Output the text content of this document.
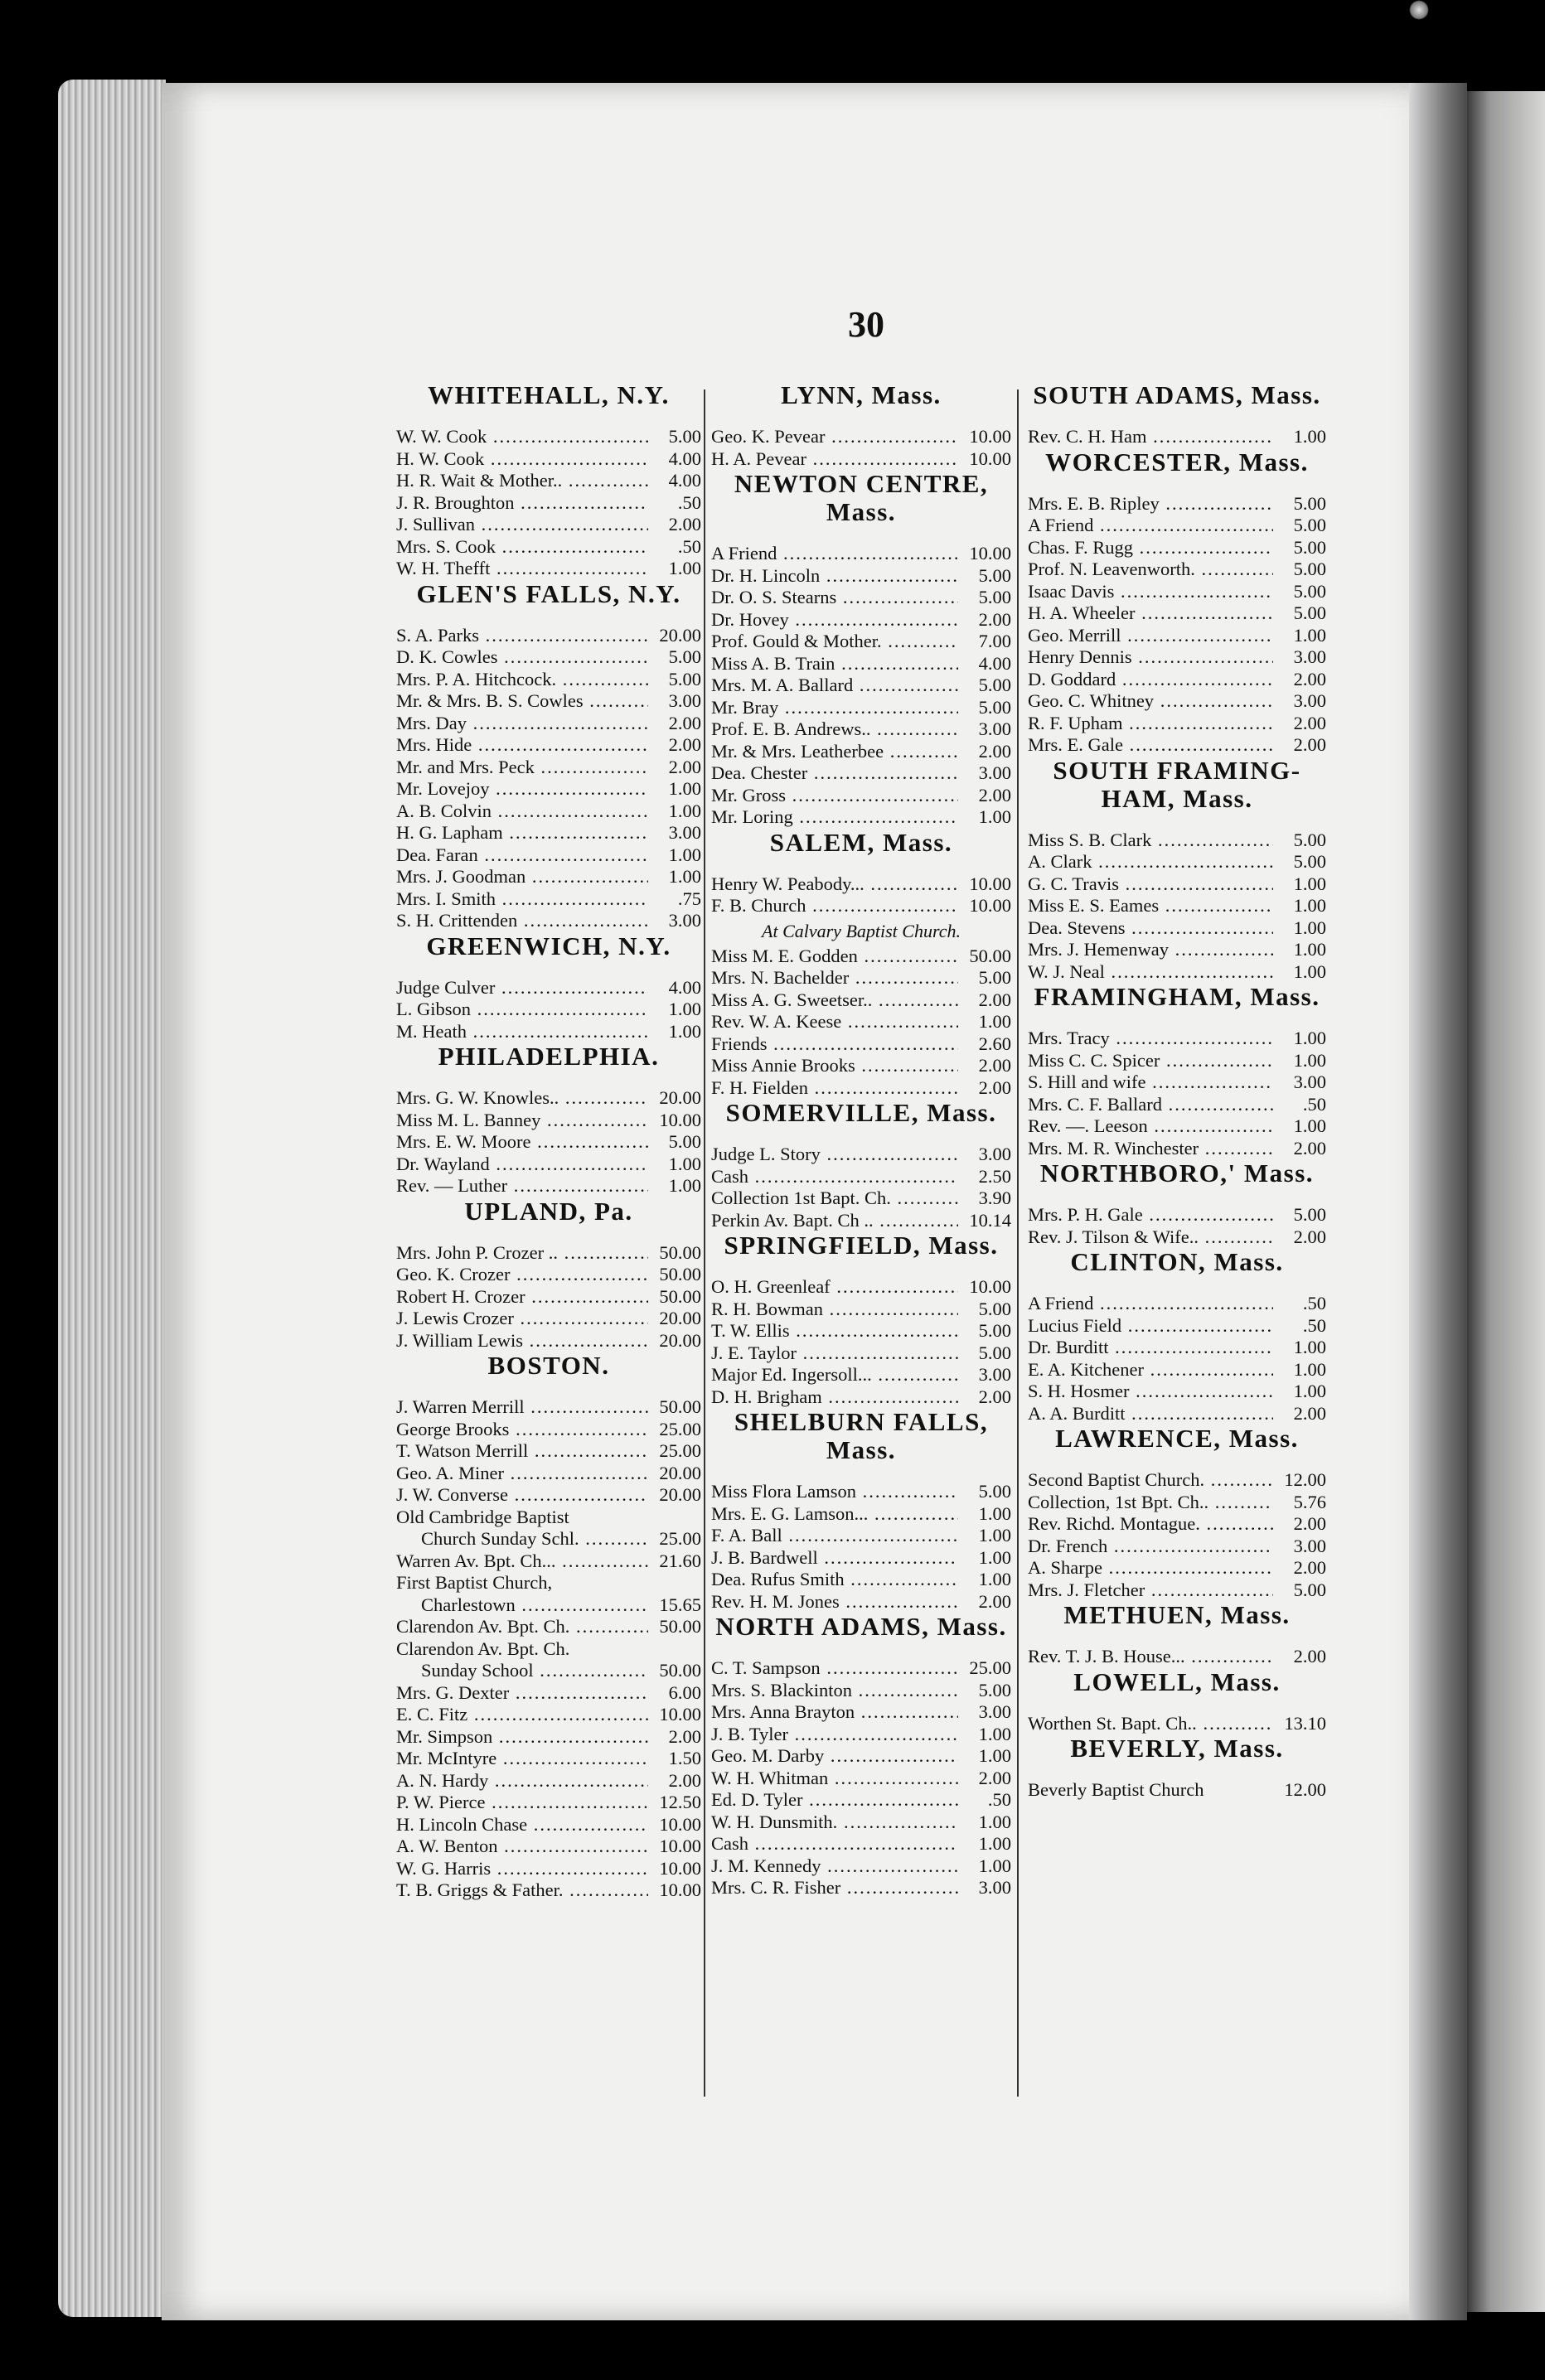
30
WHITEHALL, N.Y.
W. W. Cook .....	5.00
H. W. Cook .....	4.00
H. R. Wait & Mother.. .....	4.00
J. R. Broughton .....	.50
J. Sullivan .....	2.00
Mrs. S. Cook .....	.50
W. H. Thefft .....	1.00
GLEN'S FALLS, N.Y.
S. A. Parks .....	20.00
D. K. Cowles .....	5.00
Mrs. P. A. Hitchcock. .....	5.00
Mr. & Mrs. B. S. Cowles .....	3.00
Mrs. Day .....	2.00
Mrs. Hide .....	2.00
Mr. and Mrs. Peck .....	2.00
Mr. Lovejoy .....	1.00
A. B. Colvin .....	1.00
H. G. Lapham .....	3.00
Dea. Faran .....	1.00
Mrs. J. Goodman .....	1.00
Mrs. I. Smith .....	.75
S. H. Crittenden .....	3.00
GREENWICH, N.Y.
Judge Culver .....	4.00
L. Gibson .....	1.00
M. Heath .....	1.00
PHILADELPHIA.
Mrs. G. W. Knowles.. .....	20.00
Miss M. L. Banney .....	10.00
Mrs. E. W. Moore .....	5.00
Dr. Wayland .....	1.00
Rev. — Luther .....	1.00
UPLAND, Pa.
Mrs. John P. Crozer .. .....	50.00
Geo. K. Crozer .....	50.00
Robert H. Crozer .....	50.00
J. Lewis Crozer .....	20.00
J. William Lewis .....	20.00
BOSTON.
J. Warren Merrill .....	50.00
George Brooks .....	25.00
T. Watson Merrill .....	25.00
Geo. A. Miner .....	20.00
J. W. Converse .....	20.00
Old Cambridge Baptist
Church Sunday Schl. .....	25.00
Warren Av. Bpt. Ch... .....	21.60
First Baptist Church,
Charlestown .....	15.65
Clarendon Av. Bpt. Ch. .....	50.00
Clarendon Av. Bpt. Ch.
Sunday School .....	50.00
Mrs. G. Dexter .....	6.00
E. C. Fitz .....	10.00
Mr. Simpson .....	2.00
Mr. McIntyre .....	1.50
A. N. Hardy .....	2.00
P. W. Pierce .....	12.50
H. Lincoln Chase .....	10.00
A. W. Benton .....	10.00
W. G. Harris .....	10.00
T. B. Griggs & Father. .....	10.00
LYNN, Mass.
Geo. K. Pevear .....	10.00
H. A. Pevear .....	10.00
NEWTON CENTRE, Mass.
A Friend .....	10.00
Dr. H. Lincoln .....	5.00
Dr. O. S. Stearns .....	5.00
Dr. Hovey .....	2.00
Prof. Gould & Mother. .....	7.00
Miss A. B. Train .....	4.00
Mrs. M. A. Ballard .....	5.00
Mr. Bray .....	5.00
Prof. E. B. Andrews.. .....	3.00
Mr. & Mrs. Leatherbee .....	2.00
Dea. Chester .....	3.00
Mr. Gross .....	2.00
Mr. Loring .....	1.00
SALEM, Mass.
Henry W. Peabody... .....	10.00
F. B. Church .....	10.00
At Calvary Baptist Church.
Miss M. E. Godden .....	50.00
Mrs. N. Bachelder .....	5.00
Miss A. G. Sweetser.. .....	2.00
Rev. W. A. Keese .....	1.00
Friends .....	2.60
Miss Annie Brooks .....	2.00
F. H. Fielden .....	2.00
SOMERVILLE, Mass.
Judge L. Story .....	3.00
Cash .....	2.50
Collection 1st Bapt. Ch. .....	3.90
Perkin Av. Bapt. Ch .. .....	10.14
SPRINGFIELD, Mass.
O. H. Greenleaf .....	10.00
R. H. Bowman .....	5.00
T. W. Ellis .....	5.00
J. E. Taylor .....	5.00
Major Ed. Ingersoll... .....	3.00
D. H. Brigham .....	2.00
SHELBURN FALLS, Mass.
Miss Flora Lamson .....	5.00
Mrs. E. G. Lamson... .....	1.00
F. A. Ball .....	1.00
J. B. Bardwell .....	1.00
Dea. Rufus Smith .....	1.00
Rev. H. M. Jones .....	2.00
NORTH ADAMS, Mass.
C. T. Sampson .....	25.00
Mrs. S. Blackinton .....	5.00
Mrs. Anna Brayton .....	3.00
J. B. Tyler .....	1.00
Geo. M. Darby .....	1.00
W. H. Whitman .....	2.00
Ed. D. Tyler .....	.50
W. H. Dunsmith. .....	1.00
Cash .....	1.00
J. M. Kennedy .....	1.00
Mrs. C. R. Fisher .....	3.00
SOUTH ADAMS, Mass.
Rev. C. H. Ham .....	1.00
WORCESTER, Mass.
Mrs. E. B. Ripley .....	5.00
A Friend .....	5.00
Chas. F. Rugg .....	5.00
Prof. N. Leavenworth. .....	5.00
Isaac Davis .....	5.00
H. A. Wheeler .....	5.00
Geo. Merrill .....	1.00
Henry Dennis .....	3.00
D. Goddard .....	2.00
Geo. C. Whitney .....	3.00
R. F. Upham .....	2.00
Mrs. E. Gale .....	2.00
SOUTH FRAMING-HAM, Mass.
Miss S. B. Clark .....	5.00
A. Clark .....	5.00
G. C. Travis .....	1.00
Miss E. S. Eames .....	1.00
Dea. Stevens .....	1.00
Mrs. J. Hemenway .....	1.00
W. J. Neal .....	1.00
FRAMINGHAM, Mass.
Mrs. Tracy .....	1.00
Miss C. C. Spicer .....	1.00
S. Hill and wife .....	3.00
Mrs. C. F. Ballard .....	.50
Rev. —. Leeson .....	1.00
Mrs. M. R. Winchester .....	2.00
NORTHBORO,' Mass.
Mrs. P. H. Gale .....	5.00
Rev. J. Tilson & Wife.. .....	2.00
CLINTON, Mass.
A Friend .....	.50
Lucius Field .....	.50
Dr. Burditt .....	1.00
E. A. Kitchener .....	1.00
S. H. Hosmer .....	1.00
A. A. Burditt .....	2.00
LAWRENCE, Mass.
Second Baptist Church. .....	12.00
Collection, 1st Bpt. Ch.. .....	5.76
Rev. Richd. Montague. .....	2.00
Dr. French .....	3.00
A. Sharpe .....	2.00
Mrs. J. Fletcher .....	5.00
METHUEN, Mass.
Rev. T. J. B. House... .....	2.00
LOWELL, Mass.
Worthen St. Bapt. Ch.. .....	13.10
BEVERLY, Mass.
Beverly Baptist Church	12.00
